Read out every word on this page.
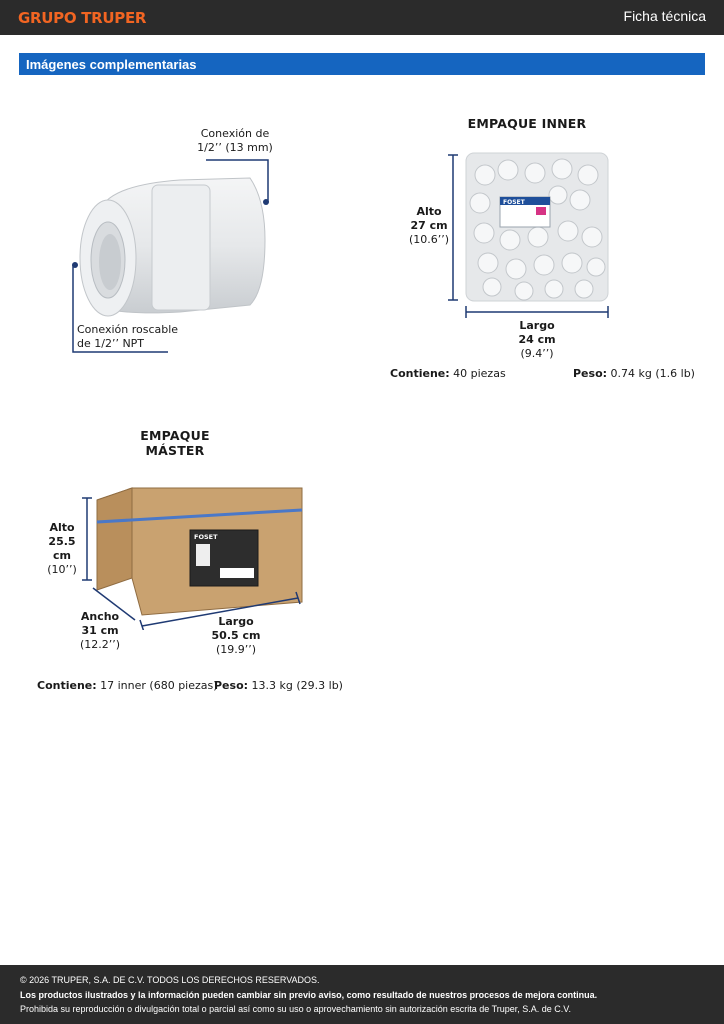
GRUPO TRUPER	Ficha técnica
Imágenes complementarias
Conexión de
1/2’’ (13 mm)
Conexión roscable
de 1/2’’ NPT
EMPAQUE INNER
FOSET
Alto
27 cm
(10.6’’)
Largo
24 cm
(9.4’’)
Contiene: 40 piezas	Peso: 0.74 kg (1.6 lb)
EMPAQUE MÁSTER
FOSET
Alto
25.5 cm
(10’’)
Ancho
31 cm
(12.2’’)
Largo
50.5 cm
(19.9’’)
Contiene: 17 inner (680 piezas)
Peso: 13.3 kg (29.3 lb)
© 2026 TRUPER, S.A. DE C.V. TODOS LOS DERECHOS RESERVADOS.
Los productos ilustrados y la información pueden cambiar sin previo aviso, como resultado de nuestros procesos de mejora continua.
Prohibida su reproducción o divulgación total o parcial así como su uso o aprovechamiento sin autorización escrita de Truper, S.A. de C.V.
